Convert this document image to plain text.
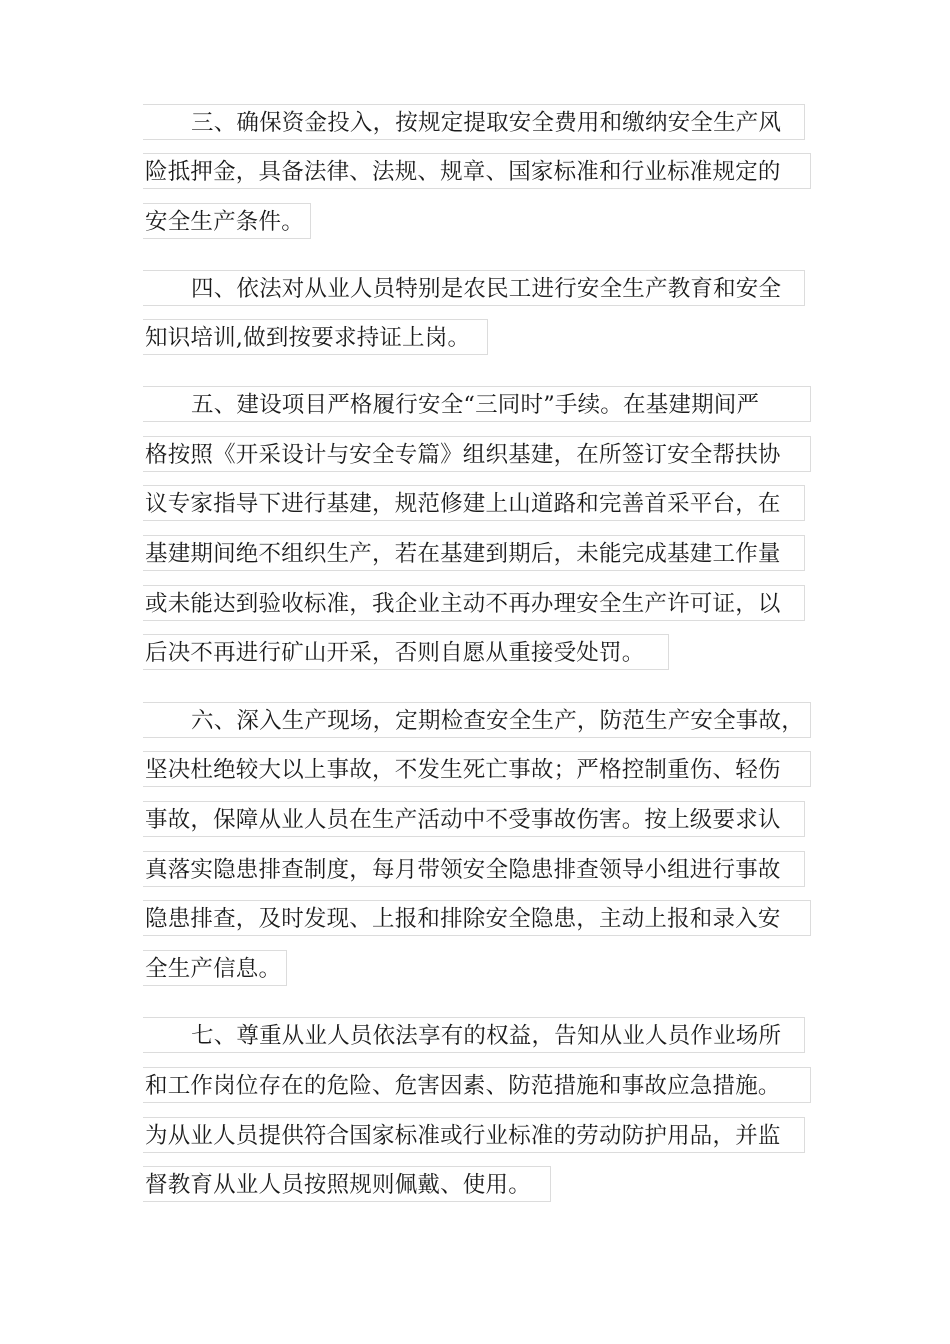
三、确保资金投入，按规定提取安全费用和缴纳安全生产风
险抵押金，具备法律、法规、规章、国家标准和行业标准规定的
安全生产条件。
四、依法对从业人员特别是农民工进行安全生产教育和安全
知识培训,做到按要求持证上岗。
五、建设项目严格履行安全“三同时”手续。在基建期间严
格按照《开采设计与安全专篇》组织基建，在所签订安全帮扶协
议专家指导下进行基建，规范修建上山道路和完善首采平台，在
基建期间绝不组织生产，若在基建到期后，未能完成基建工作量
或未能达到验收标准，我企业主动不再办理安全生产许可证，以
后决不再进行矿山开采，否则自愿从重接受处罚。
六、深入生产现场，定期检查安全生产，防范生产安全事故，
坚决杜绝较大以上事故，不发生死亡事故；严格控制重伤、轻伤
事故，保障从业人员在生产活动中不受事故伤害。按上级要求认
真落实隐患排查制度，每月带领安全隐患排查领导小组进行事故
隐患排查，及时发现、上报和排除安全隐患，主动上报和录入安
全生产信息。
七、尊重从业人员依法享有的权益，告知从业人员作业场所
和工作岗位存在的危险、危害因素、防范措施和事故应急措施。
为从业人员提供符合国家标准或行业标准的劳动防护用品，并监
督教育从业人员按照规则佩戴、使用。
